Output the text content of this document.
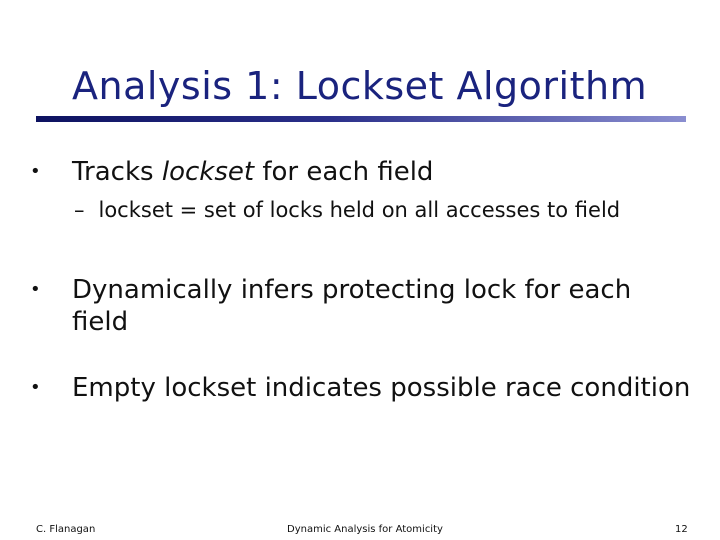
Analysis 1: Lockset Algorithm
• Tracks lockset for each field
– lockset = set of locks held on all accesses to field
• Dynamically infers protecting lock for each
field
• Empty lockset indicates possible race condition
C. Flanagan	Dynamic Analysis for Atomicity	12
